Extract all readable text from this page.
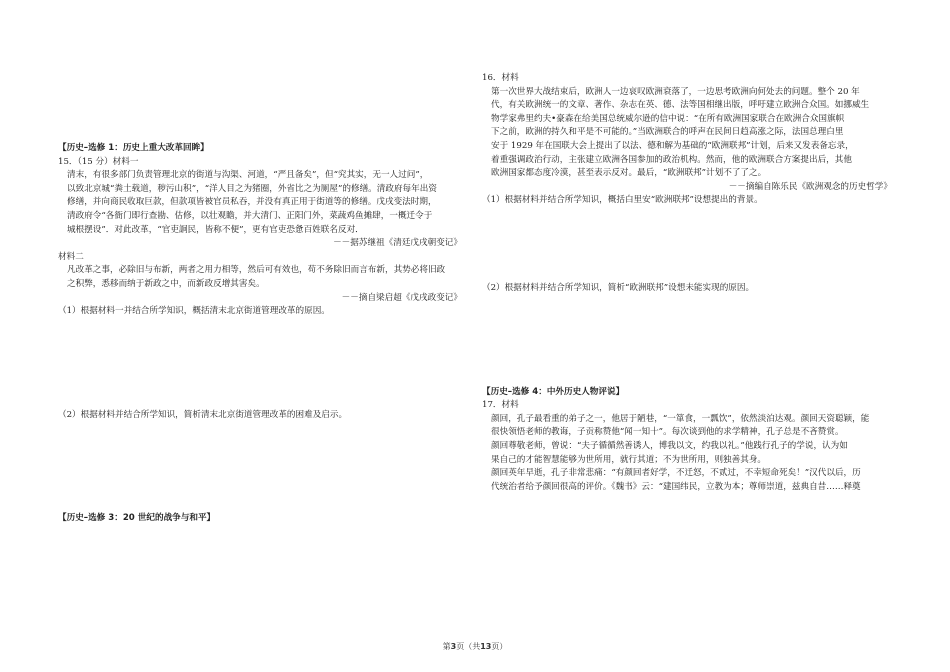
【历史–选修 1：历史上重大改革回眸】

15．（15 分）材料一

清末，有很多部门负责管理北京的街道与沟渠、河道，“严且备矣”，但“究其实，无一人过问”，

以致北京城“粪土载道，秽污山积”，“洋人目之为猪圈，外省比之为厕屋”的修缮。清政府每年出资

修缮，并向商民收取巨款，但款项皆被官员私吞，并没有真正用于街道等的修缮。戊戌变法时期，

清政府令“各衙门即行查勘、估修，以壮观瞻，并大清门、正阳门外，菜蔬鸡鱼摊肆，一概迁令于

城根摆设”．对此改革，“官吏詗民，皆称不便”，更有官吏恐惫百姓联名反对．

－－据苏继祖《清廷戊戌朝变记》

材料二

凡改革之事，必除旧与布新，两者之用力相等，然后可有效也，苟不务除旧而言布新，其势必将旧政

之积弊，悉移而纳于新政之中，而新政反增其害矣。

－－摘自梁启超《戊戌政变记》

（1）根据材料一并结合所学知识，概括清末北京街道管理改革的原因。

（2）根据材料并结合所学知识，简析清末北京街道管理改革的困难及启示。

【历史–选修 3：20 世纪的战争与和平】

16．材料

第一次世界大战结束后，欧洲人一边哀叹欧洲衰落了，一边思考欧洲向何处去的问题。整个 20 年

代，有关欧洲统一的文章、著作、杂志在英、德、法等国相继出版，呼吁建立欧洲合众国。如挪威生

物学家弗里约夫•豪森在给美国总统威尔逊的信中说：“在所有欧洲国家联合在欧洲合众国旗帜

下之前，欧洲的持久和平是不可能的。”当欧洲联合的呼声在民间日趋高涨之际，法国总理白里

安于 1929 年在国联大会上提出了以法、德和解为基础的“欧洲联邦”计划，后来又发表备忘录，

着重强调政治行动，主张建立欧洲各国参加的政治机构。然而，他的欧洲联合方案提出后，其他

欧洲国家都态度冷漠，甚至表示反对。最后，“欧洲联邦”计划不了了之。

－－摘编自陈乐民《欧洲观念的历史哲学》

（1）根据材料并结合所学知识，概括白里安“欧洲联邦”设想提出的背景。

（2）根据材料并结合所学知识，简析“欧洲联邦”设想未能实现的原因。

【历史–选修 4：中外历史人物评说】

17．材料

颜回，孔子最看重的弟子之一，他居于陋巷，“一箪食，一瓢饮”，依然淡泊达观。颜回天资聪颖，能

很快领悟老师的教诲，子贡称赞他“闻一知十”。每次谈到他的求学精神，孔子总是不吝赞赏。

颜回尊敬老师，曾说：“夫子循循然善诱人，博我以文，约我以礼。”他践行孔子的学说，认为如

果自己的才能智慧能够为世所用，就行其道；不为世所用，则独善其身。

颜回英年早逝，孔子非常悲痛：“有颜回者好学，不迁怒，不贰过，不幸短命死矣！”汉代以后，历

代统治者给予颜回很高的评价。《魏书》云：“建国纬民，立教为本；尊师崇道，兹典自昔……释奠

第3页（共13页）
